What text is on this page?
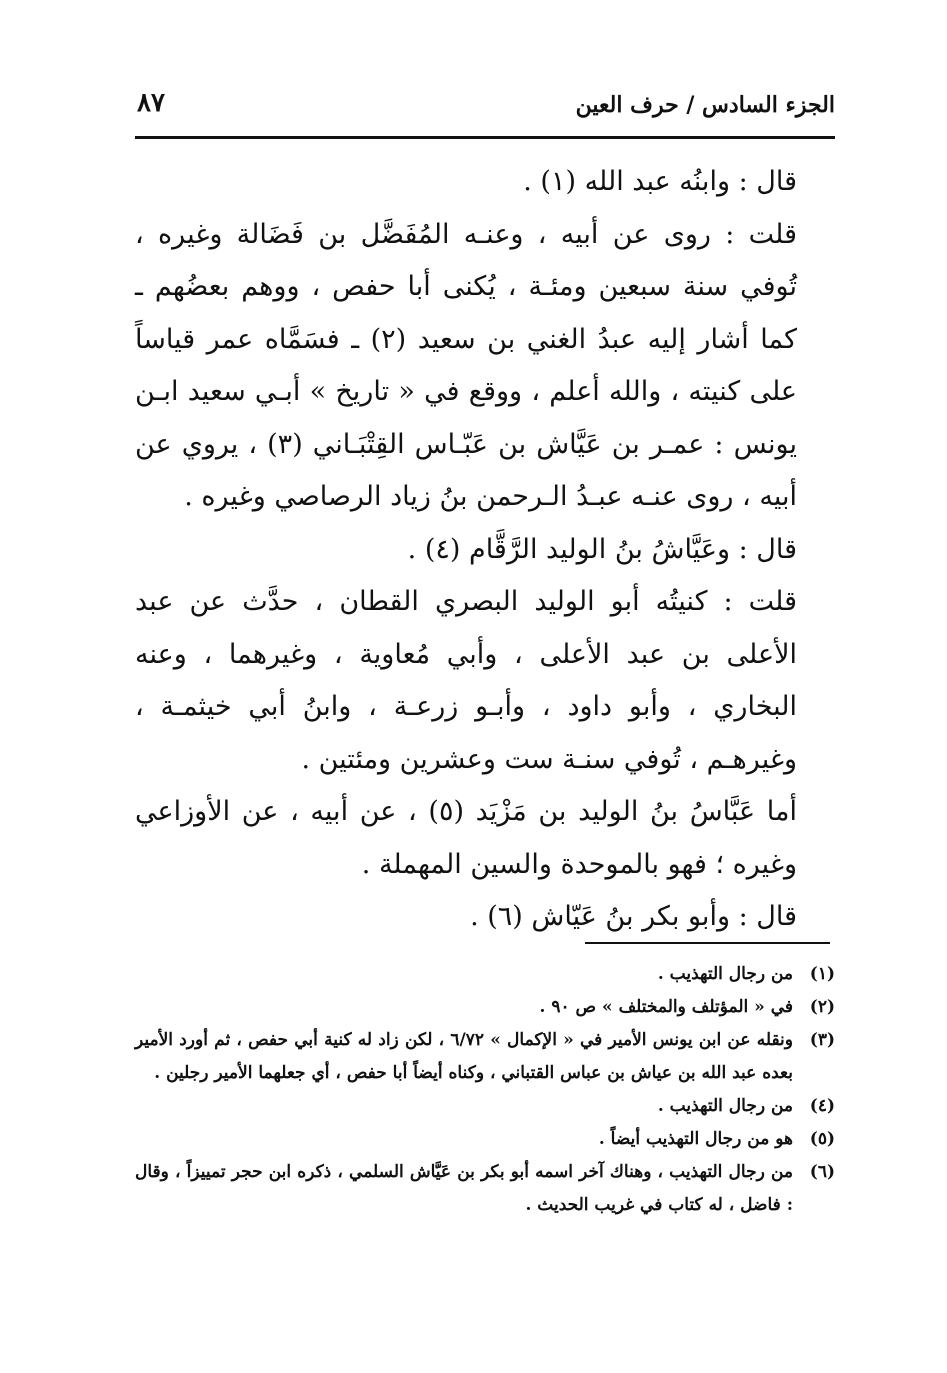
الجزء السادس / حرف العين
٨٧

قال : وابنُه عبد الله (١) .

قلت : روى عن أبيه ، وعنـه المُفَضَّل بن فَضَالة وغيره ، تُوفي سنة سبعين ومئـة ، يُكنى أبا حفص ، ووهم بعضُهم ـ كما أشار إليه عبدُ الغني بن سعيد (٢) ـ فسَمَّاه عمر قياساً على كنيته ، والله أعلم ، ووقع في « تاريخ » أبـي سعيد ابـن يونس : عمـر بن عَيَّاش بن عَبّـاس القِتْبَـاني (٣) ، يروي عن أبيه ، روى عنـه عبـدُ الـرحمن بنُ زياد الرصاصي وغيره .

قال : وعَيَّاشُ بنُ الوليد الرَّقَّام (٤) .

قلت : كنيتُه أبو الوليد البصري القطان ، حدَّث عن عبد الأعلى بن عبد الأعلى ، وأبي مُعاوية ، وغيرهما ، وعنه البخاري ، وأبو داود ، وأبـو زرعـة ، وابنُ أبي خيثمـة ، وغيرهـم ، تُوفي سنـة ست وعشرين ومئتين .

أما عَبَّاسُ بنُ الوليد بن مَزْيَد (٥) ، عن أبيه ، عن الأوزاعي وغيره ؛ فهو بالموحدة والسين المهملة .

قال : وأبو بكر بنُ عَيّاش (٦) .

(١)
من رجال التهذيب .
(٢)
في « المؤتلف والمختلف » ص ٩٠ .
(٣)
ونقله عن ابن يونس الأمير في « الإكمال » ٦/٧٢ ، لكن زاد له كنية أبي حفص ، ثم أورد الأمير بعده عبد الله بن عياش بن عباس القتباني ، وكناه أيضاً أبا حفص ، أي جعلهما الأمير رجلين .
(٤)
من رجال التهذيب .
(٥)
هو من رجال التهذيب أيضاً .
(٦)
من رجال التهذيب ، وهناك آخر اسمه أبو بكر بن عَيَّاش السلمي ، ذكره ابن حجر تمييزاً ، وقال : فاضل ، له كتاب في غريب الحديث .
